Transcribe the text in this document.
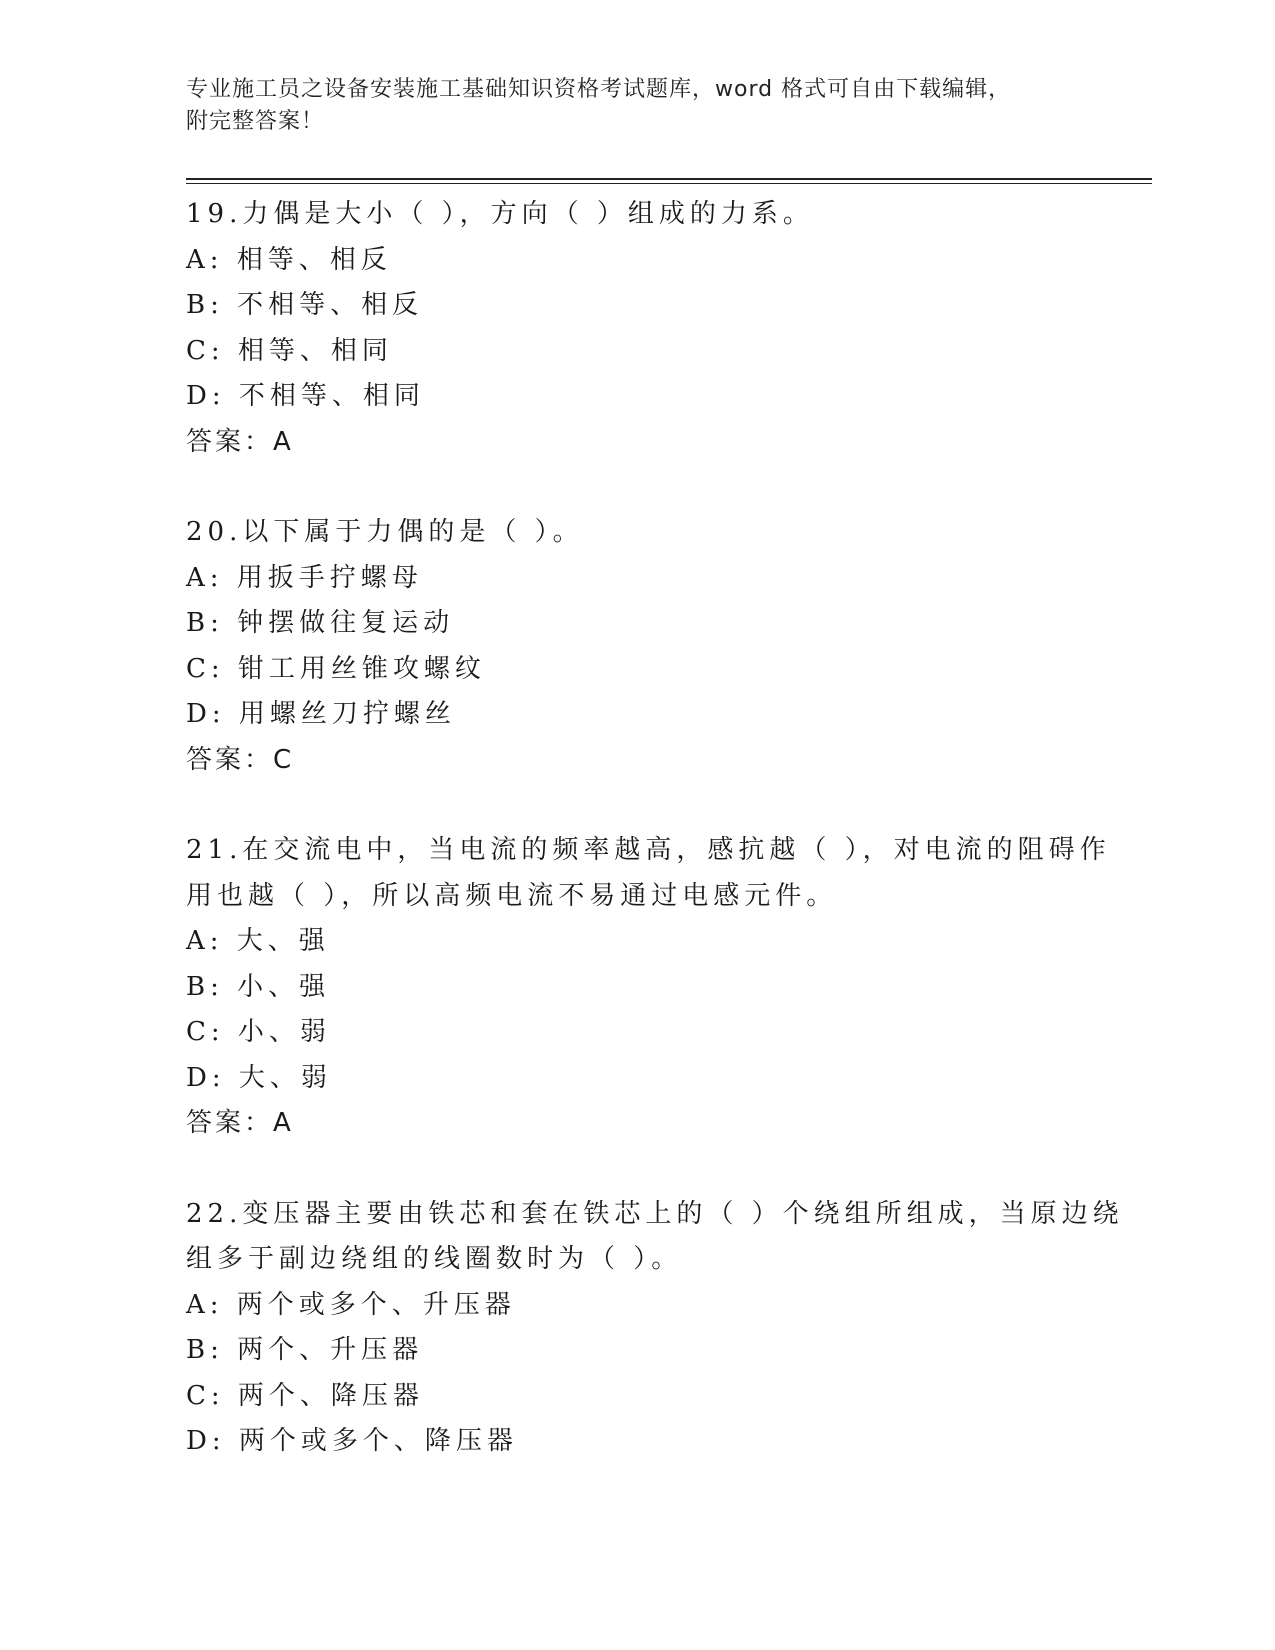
专业施工员之设备安装施工基础知识资格考试题库，word 格式可自由下载编辑，
附完整答案！
19.力偶是大小（ ），方向（ ）组成的力系。
A: 相等、相反
B: 不相等、相反
C: 相等、相同
D: 不相等、相同
答案：A
20.以下属于力偶的是（ ）。
A: 用扳手拧螺母
B: 钟摆做往复运动
C: 钳工用丝锥攻螺纹
D: 用螺丝刀拧螺丝
答案：C
21.在交流电中，当电流的频率越高，感抗越（ ），对电流的阻碍作
用也越（ ），所以高频电流不易通过电感元件。
A: 大、强
B: 小、强
C: 小、弱
D: 大、弱
答案：A
22.变压器主要由铁芯和套在铁芯上的（ ）个绕组所组成，当原边绕
组多于副边绕组的线圈数时为（ ）。
A: 两个或多个、升压器
B: 两个、升压器
C: 两个、降压器
D: 两个或多个、降压器
